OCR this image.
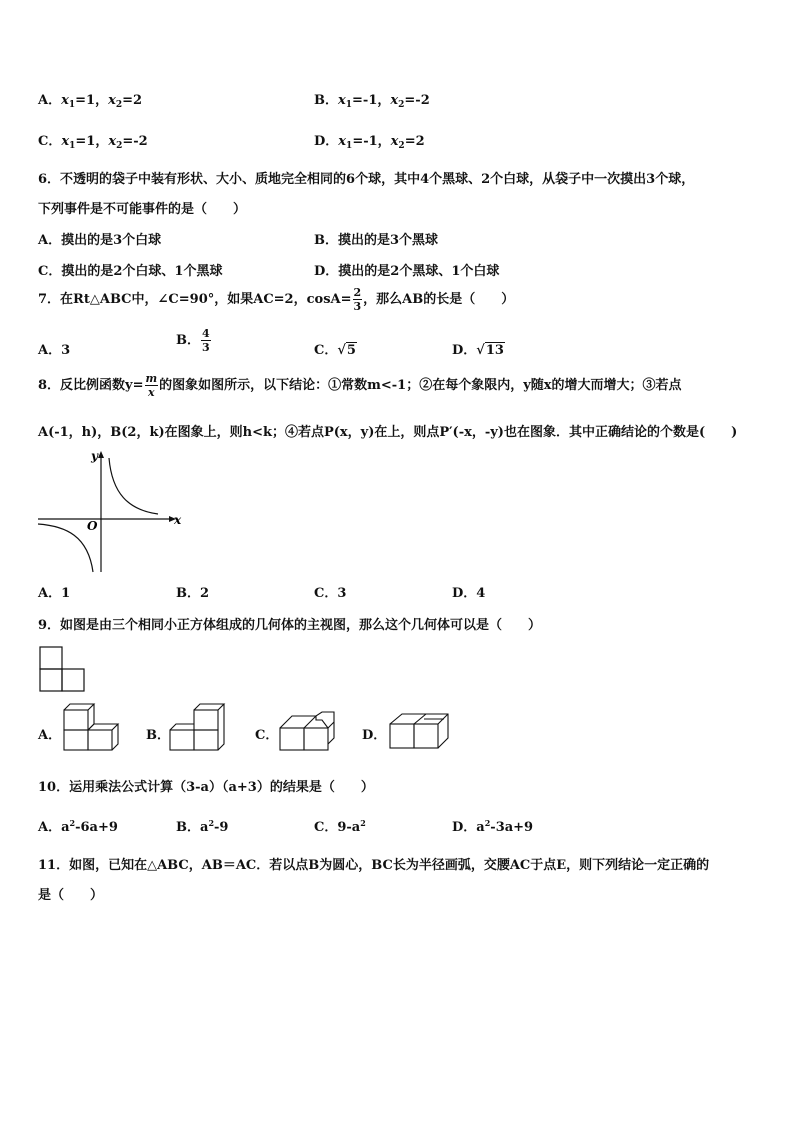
A．$x_1=1$，$x_2=2$	B．$x_1=-1$，$x_2=-2$
C．$x_1=1$，$x_2=-2$	D．$x_1=-1$，$x_2=2$
6．不透明的袋子中装有形状、大小、质地完全相同的6个球，其中4个黑球、2个白球，从袋子中一次摸出3个球，
下列事件是不可能事件的是（　　）
A．摸出的是3个白球	B．摸出的是3个黑球
C．摸出的是2个白球、1个黑球	D．摸出的是2个黑球、1个白球
7．在Rt△ABC中，∠C=90°，如果AC=2，$\cos A= \frac{2}{3}$ ，那么AB的长是（　　）
A．3
B． $\frac{4}{3}$	C．√5	D．√13
8．反比例函数$y= \frac{m}{x}$ 的图象如图所示，以下结论：①常数m<-1；②在每个象限内，y随x的增大而增大；③若点
A(-1，h)，B(2，k)在图象上，则h<k；④若点P(x，y)在上，则点P′(-x，-y)也在图象．其中正确结论的个数是(　　)
x
y
O
A．1	B．2	C．3	D．4
9．如图是由三个相同小正方体组成的几何体的主视图，那么这个几何体可以是（　　）
A．	B．	C．	D．
10．运用乘法公式计算（3-a）（a+3）的结果是（　　）
A．$a^2-6a+9$	B．$a^2-9$	C．$9-a^2$	D．$a^2-3a+9$
11．如图，已知在△ABC，AB＝AC．若以点B为圆心，BC长为半径画弧，交腰AC于点E，则下列结论一定正确的
是（　　）
